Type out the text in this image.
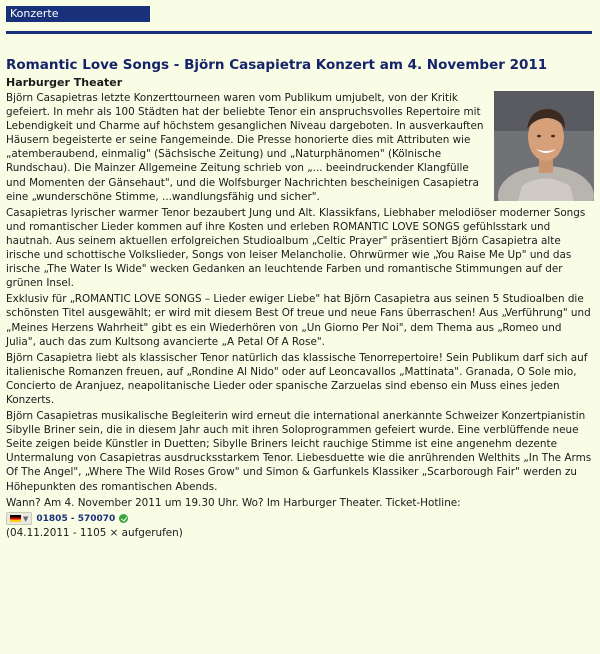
Konzerte
Romantic Love Songs - Björn Casapietra Konzert am 4. November 2011
Harburger Theater

Björn Casapietras letzte Konzerttourneen waren vom Publikum umjubelt, von der Kritik gefeiert. In mehr als 100 Städten hat der beliebte Tenor ein anspruchsvolles Repertoire mit Lebendigkeit und Charme auf höchstem gesanglichen Niveau dargeboten. In ausverkauften Häusern begeisterte er seine Fangemeinde. Die Presse honorierte dies mit Attributen wie „atemberaubend, einmalig" (Sächsische Zeitung) und „Naturphänomen" (Kölnische Rundschau). Die Mainzer Allgemeine Zeitung schrieb von „... beeindruckender Klangfülle und Momenten der Gänsehaut", und die Wolfsburger Nachrichten bescheinigen Casapietra eine „wunderschöne Stimme, ...wandlungsfähig und sicher".

Casapietras lyrischer warmer Tenor bezaubert Jung und Alt. Klassikfans, Liebhaber melodiöser moderner Songs und romantischer Lieder kommen auf ihre Kosten und erleben ROMANTIC LOVE SONGS gefühlsstark und hautnah. Aus seinem aktuellen erfolgreichen Studioalbum „Celtic Prayer" präsentiert Björn Casapietra alte irische und schottische Volkslieder, Songs von leiser Melancholie. Ohrwürmer wie „You Raise Me Up" und das irische „The Water Is Wide" wecken Gedanken an leuchtende Farben und romantische Stimmungen auf der grünen Insel.

Exklusiv für „ROMANTIC LOVE SONGS – Lieder ewiger Liebe" hat Björn Casapietra aus seinen 5 Studioalben die schönsten Titel ausgewählt; er wird mit diesem Best Of treue und neue Fans überraschen! Aus „Verführung" und „Meines Herzens Wahrheit" gibt es ein Wiederhören von „Un Giorno Per Noi", dem Thema aus „Romeo und Julia", auch das zum Kultsong avancierte „A Petal Of A Rose".

Björn Casapietra liebt als klassischer Tenor natürlich das klassische Tenorrepertoire! Sein Publikum darf sich auf italienische Romanzen freuen, auf „Rondine Al Nido" oder auf Leoncavallos „Mattinata". Granada, O Sole mio, Concierto de Aranjuez, neapolitanische Lieder oder spanische Zarzuelas sind ebenso ein Muss eines jeden Konzerts.

Björn Casapietras musikalische Begleiterin wird erneut die international anerkannte Schweizer Konzertpianistin Sibylle Briner sein, die in diesem Jahr auch mit ihren Soloprogrammen gefeiert wurde. Eine verblüffende neue Seite zeigen beide Künstler in Duetten; Sibylle Briners leicht rauchige Stimme ist eine angenehm dezente Untermalung von Casapietras ausdrucksstarkem Tenor. Liebesduette wie die anrührenden Welthits „In The Arms Of The Angel", „Where The Wild Roses Grow" und Simon & Garfunkels Klassiker „Scarborough Fair" werden zu Höhepunkten des romantischen Abends.

Wann? Am 4. November 2011 um 19.30 Uhr. Wo? Im Harburger Theater. Ticket-Hotline:

▼ 01805 - 570070

(04.11.2011 - 1105 × aufgerufen)
